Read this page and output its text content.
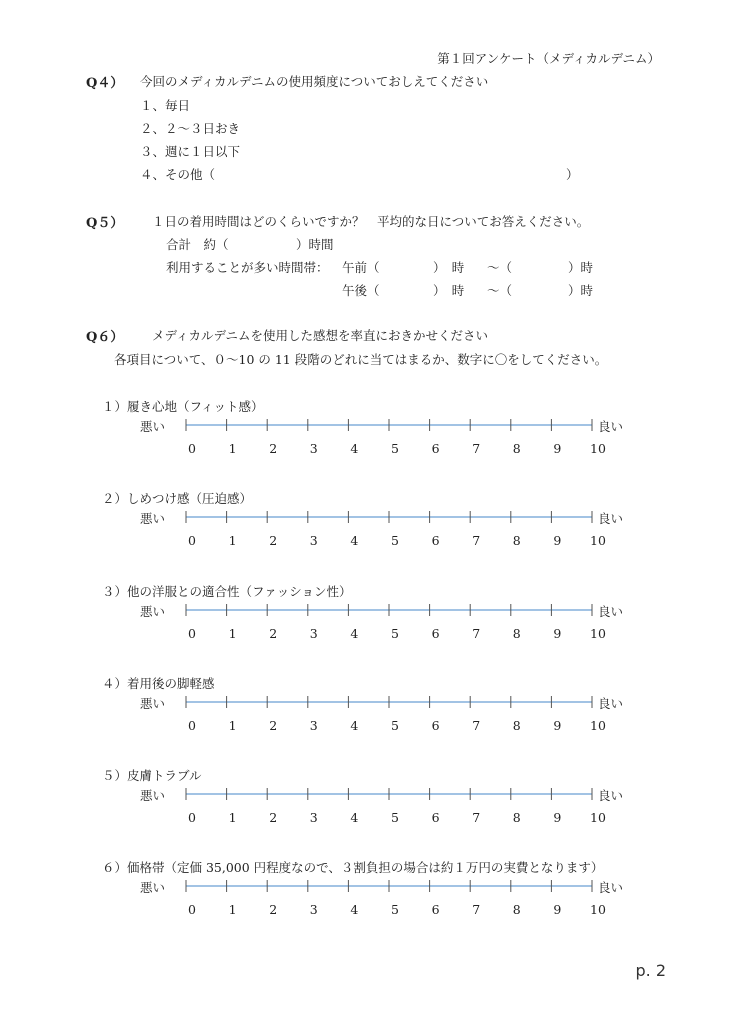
第１回アンケート（メディカルデニム）
Q４） 今回のメディカルデニムの使用頻度についておしえてください
１、毎日
２、２～３日おき
３、週に１日以下
４、その他（	）
Q５） １日の着用時間はどのくらいですか？　平均的な日についてお答えください。
合計　約（	）時間
利用することが多い時間帯： 午前（	）　時 ～（	）時
午後（	）　時 ～（	）時
Q６） メディカルデニムを使用した感想を率直におきかせください
各項目について、０～10 の 11 段階のどれに当てはまるか、数字に〇をしてください。
１）履き心地（フィット感）
悪い	良い
0	1	2	3	4	5	6	7	8	9 10
２）しめつけ感（圧迫感）
悪い	良い
0	1	2	3	4	5	6	7	8	9 10
３）他の洋服との適合性（ファッション性）
悪い	良い
0	1	2	3	4	5	6	7	8	9 10
４）着用後の脚軽感
悪い	良い
0	1	2	3	4	5	6	7	8	9 10
５）皮膚トラブル
悪い	良い
0	1	2	3	4	5	6	7	8	9 10
６）価格帯（定価 35,000 円程度なので、３割負担の場合は約１万円の実費となります）
悪い	良い
0	1	2	3	4	5	6	7	8	9 10
p. 2
